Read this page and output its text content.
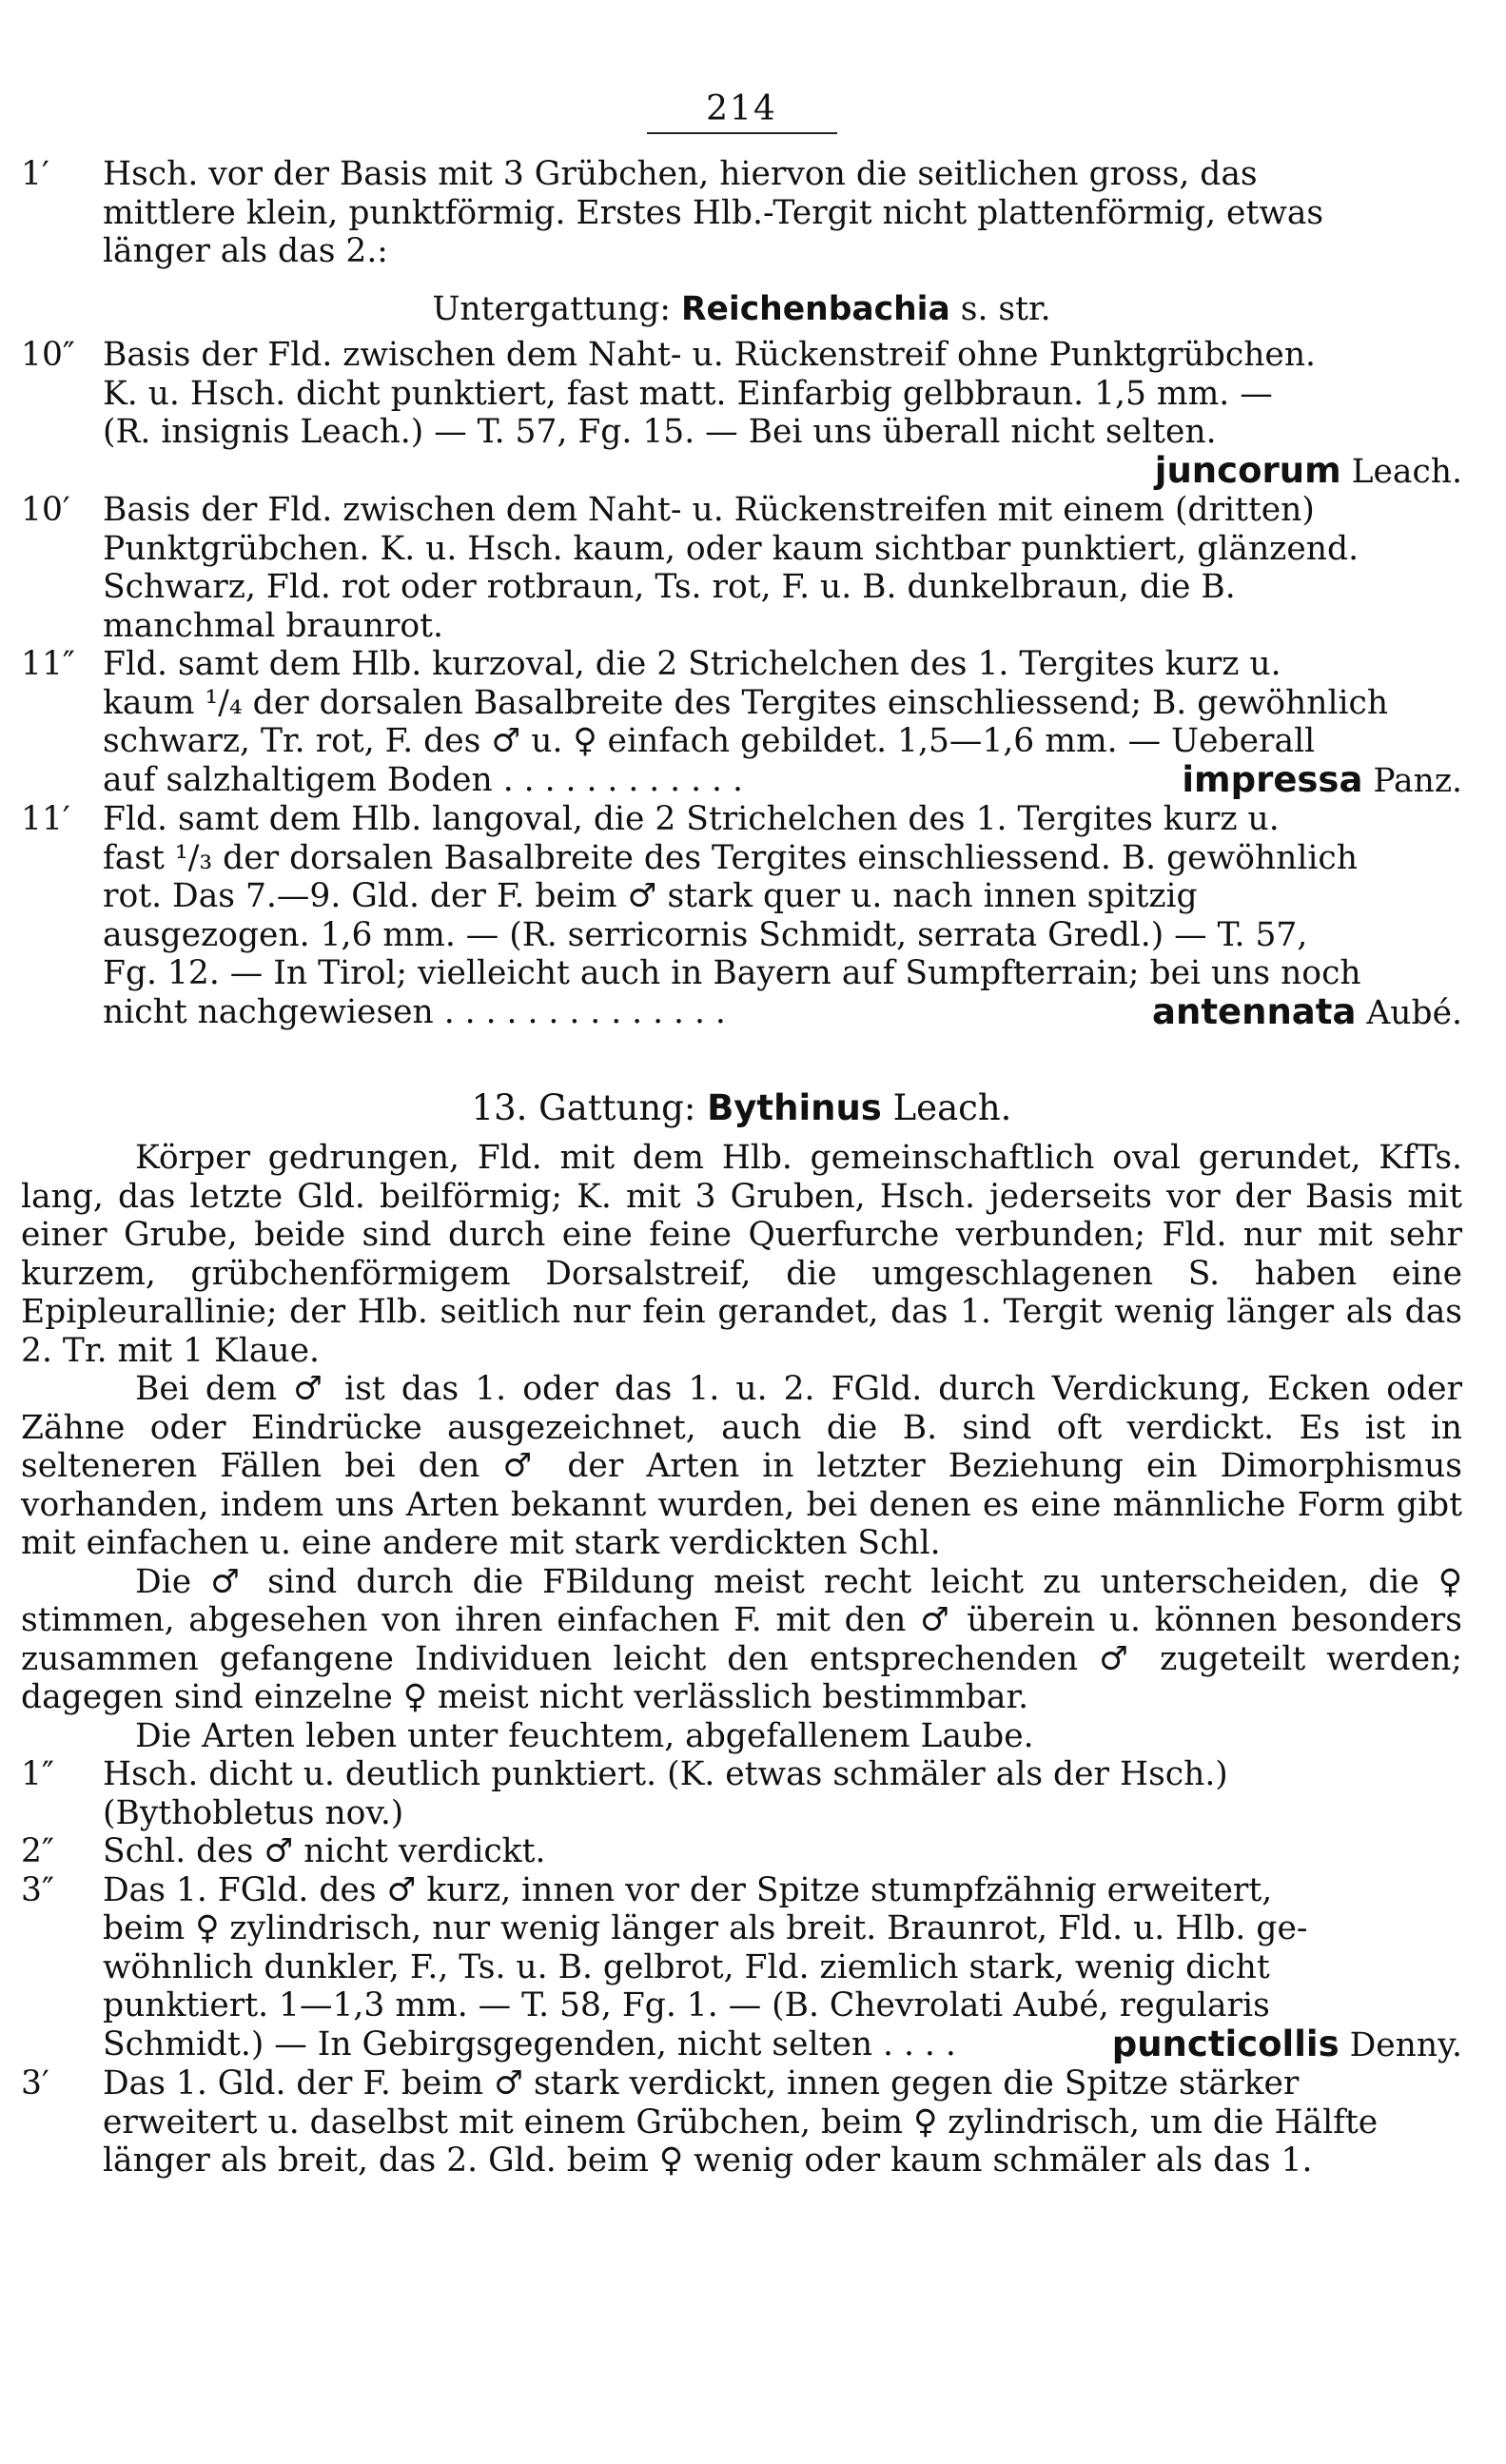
214
1′	Hsch. vor der Basis mit 3 Grübchen, hiervon die seitlichen gross, das
mittlere klein, punktförmig. Erstes Hlb.-Tergit nicht plattenförmig, etwas
länger als das 2.:
Untergattung: Reichenbachia s. str.
10″ Basis der Fld. zwischen dem Naht- u. Rückenstreif ohne Punktgrübchen.
K. u. Hsch. dicht punktiert, fast matt. Einfarbig gelbbraun. 1,5 mm. —
(R. insignis Leach.) — T. 57, Fg. 15. — Bei uns überall nicht selten.
juncorum Leach.
10′ Basis der Fld. zwischen dem Naht- u. Rückenstreifen mit einem (dritten)
Punktgrübchen. K. u. Hsch. kaum, oder kaum sichtbar punktiert, glänzend.
Schwarz, Fld. rot oder rotbraun, Ts. rot, F. u. B. dunkelbraun, die B.
manchmal braunrot.
11″ Fld. samt dem Hlb. kurzoval, die 2 Strichelchen des 1. Tergites kurz u.
kaum ¹/₄ der dorsalen Basalbreite des Tergites einschliessend; B. gewöhnlich
schwarz, Tr. rot, F. des ♂ u. ♀ einfach gebildet. 1,5—1,6 mm. — Ueberall
auf salzhaltigem Boden . . . . . . . . . . . .	impressa Panz.
11′ Fld. samt dem Hlb. langoval, die 2 Strichelchen des 1. Tergites kurz u.
fast ¹/₃ der dorsalen Basalbreite des Tergites einschliessend. B. gewöhnlich
rot. Das 7.—9. Gld. der F. beim ♂ stark quer u. nach innen spitzig
ausgezogen. 1,6 mm. — (R. serricornis Schmidt, serrata Gredl.) — T. 57,
Fg. 12. — In Tirol; vielleicht auch in Bayern auf Sumpfterrain; bei uns noch
nicht nachgewiesen . . . . . . . . . . . . . .	antennata Aubé.
13. Gattung: Bythinus Leach.
Körper gedrungen, Fld. mit dem Hlb. gemeinschaftlich oval gerundet, KfTs. lang, das letzte Gld. beilförmig; K. mit 3 Gruben, Hsch. jederseits vor der Basis mit einer Grube, beide sind durch eine feine Querfurche verbunden; Fld. nur mit sehr kurzem, grübchenförmigem Dorsalstreif, die umgeschlagenen S. haben eine Epipleurallinie; der Hlb. seitlich nur fein gerandet, das 1. Tergit wenig länger als das 2. Tr. mit 1 Klaue.
Bei dem ♂ ist das 1. oder das 1. u. 2. FGld. durch Verdickung, Ecken oder Zähne oder Eindrücke ausgezeichnet, auch die B. sind oft verdickt. Es ist in selteneren Fällen bei den ♂ der Arten in letzter Beziehung ein Dimorphismus vorhanden, indem uns Arten bekannt wurden, bei denen es eine männliche Form gibt mit einfachen u. eine andere mit stark verdickten Schl.
Die ♂ sind durch die FBildung meist recht leicht zu unterscheiden, die ♀ stimmen, abgesehen von ihren einfachen F. mit den ♂ überein u. können besonders zusammen gefangene Individuen leicht den entsprechenden ♂ zugeteilt werden; dagegen sind einzelne ♀ meist nicht verlässlich bestimmbar.
Die Arten leben unter feuchtem, abgefallenem Laube.
1″	Hsch. dicht u. deutlich punktiert. (K. etwas schmäler als der Hsch.)
(Bythobletus nov.)
2″	Schl. des ♂ nicht verdickt.
3″	Das 1. FGld. des ♂ kurz, innen vor der Spitze stumpfzähnig erweitert,
beim ♀ zylindrisch, nur wenig länger als breit. Braunrot, Fld. u. Hlb. ge-
wöhnlich dunkler, F., Ts. u. B. gelbrot, Fld. ziemlich stark, wenig dicht
punktiert. 1—1,3 mm. — T. 58, Fg. 1. — (B. Chevrolati Aubé, regularis
Schmidt.) — In Gebirgsgegenden, nicht selten . . . .	puncticollis Denny.
3′	Das 1. Gld. der F. beim ♂ stark verdickt, innen gegen die Spitze stärker
erweitert u. daselbst mit einem Grübchen, beim ♀ zylindrisch, um die Hälfte
länger als breit, das 2. Gld. beim ♀ wenig oder kaum schmäler als das 1.
